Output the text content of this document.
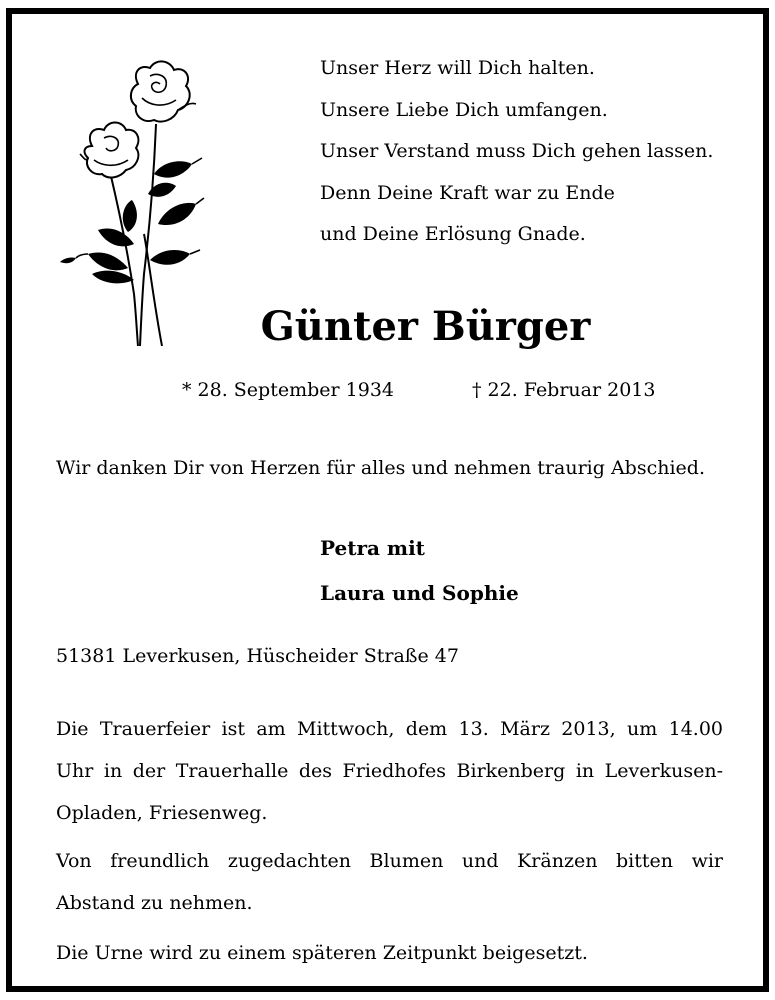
Unser Herz will Dich halten.
Unsere Liebe Dich umfangen.
Unser Verstand muss Dich gehen lassen.
Denn Deine Kraft war zu Ende
und Deine Erlösung Gnade.
Günter Bürger
* 28. September 1934	† 22. Februar 2013
Wir danken Dir von Herzen für alles und nehmen traurig Abschied.
Petra mit
Laura und Sophie
51381 Leverkusen, Hüscheider Straße 47
Die Trauerfeier ist am Mittwoch, dem 13. März 2013, um 14.00
Uhr in der Trauerhalle des Friedhofes Birkenberg in Leverkusen-
Opladen, Friesenweg.
Von freundlich zugedachten Blumen und Kränzen bitten wir
Abstand zu nehmen.
Die Urne wird zu einem späteren Zeitpunkt beigesetzt.
